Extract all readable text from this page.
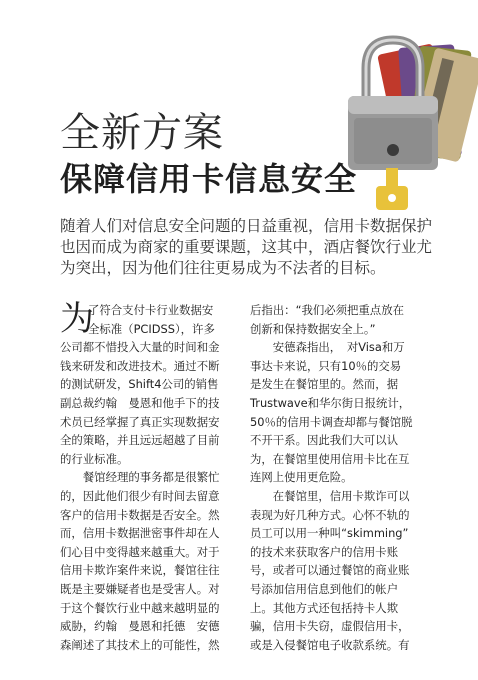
全新方案
保障信用卡信息安全
随着人们对信息安全问题的日益重视，信用卡数据保护
也因而成为商家的重要课题，这其中，酒店餐饮行业尤
为突出，因为他们往往更易成为不法者的目标。
为
了符合支付卡行业数据安
全标准（PCIDSS），许多
公司都不惜投入大量的时间和金
钱来研发和改进技术。通过不断
的测试研发，Shift4公司的销售
副总裁约翰　曼恩和他手下的技
术员已经掌握了真正实现数据安
全的策略，并且远远超越了目前
的行业标准。
　　餐馆经理的事务都是很繁忙
的，因此他们很少有时间去留意
客户的信用卡数据是否安全。然
而，信用卡数据泄密事件却在人
们心目中变得越来越重大。对于
信用卡欺诈案件来说，餐馆往往
既是主要嫌疑者也是受害人。对
于这个餐饮行业中越来越明显的
威胁，约翰　曼恩和托德　安德
森阐述了其技术上的可能性，然
后指出：“我们必须把重点放在
创新和保持数据安全上。”
　　安德森指出，　对Visa和万
事达卡来说，只有10％的交易
是发生在餐馆里的。然而，据
Trustwave和华尔街日报统计，
50％的信用卡调查却都与餐馆脱
不开干系。因此我们大可以认
为，在餐馆里使用信用卡比在互
连网上使用更危险。
　　在餐馆里，信用卡欺诈可以
表现为好几种方式。心怀不轨的
员工可以用一种叫“skimming”
的技术来获取客户的信用卡账
号，或者可以通过餐馆的商业账
号添加信用信息到他们的帐户
上。其他方式还包括持卡人欺
骗，信用卡失窃，虚假信用卡，
或是入侵餐馆电子收款系统。有
